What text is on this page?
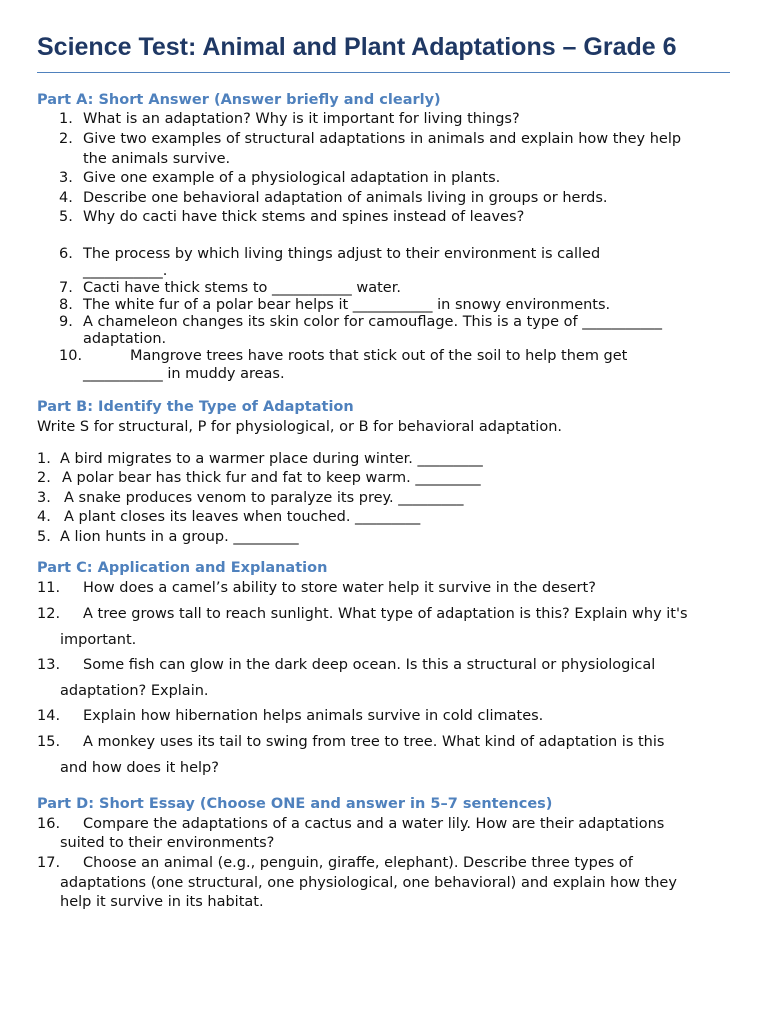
Science Test: Animal and Plant Adaptations – Grade 6
Part A: Short Answer (Answer briefly and clearly)
1. What is an adaptation? Why is it important for living things?
2. Give two examples of structural adaptations in animals and explain how they help
the animals survive.
3. Give one example of a physiological adaptation in plants.
4. Describe one behavioral adaptation of animals living in groups or herds.
5. Why do cacti have thick stems and spines instead of leaves?
6. The process by which living things adjust to their environment is called
___________.
7. Cacti have thick stems to ___________ water.
8. The white fur of a polar bear helps it ___________ in snowy environments.
9. A chameleon changes its skin color for camouflage. This is a type of ___________
adaptation.
10.	Mangrove trees have roots that stick out of the soil to help them get
___________ in muddy areas.
Part B: Identify the Type of Adaptation

Write S for structural, P for physiological, or B for behavioral adaptation.

1. A bird migrates to a warmer place during winter. _________
2. A polar bear has thick fur and fat to keep warm. _________
3. A snake produces venom to paralyze its prey. _________
4. A plant closes its leaves when touched. _________
5. A lion hunts in a group. _________
Part C: Application and Explanation
11. How does a camel’s ability to store water help it survive in the desert?
12. A tree grows tall to reach sunlight. What type of adaptation is this? Explain why it's
important.
13. Some fish can glow in the dark deep ocean. Is this a structural or physiological
adaptation? Explain.
14. Explain how hibernation helps animals survive in cold climates.
15. A monkey uses its tail to swing from tree to tree. What kind of adaptation is this
and how does it help?
Part D: Short Essay (Choose ONE and answer in 5–7 sentences)
16. Compare the adaptations of a cactus and a water lily. How are their adaptations
suited to their environments?
17. Choose an animal (e.g., penguin, giraffe, elephant). Describe three types of
adaptations (one structural, one physiological, one behavioral) and explain how they
help it survive in its habitat.
